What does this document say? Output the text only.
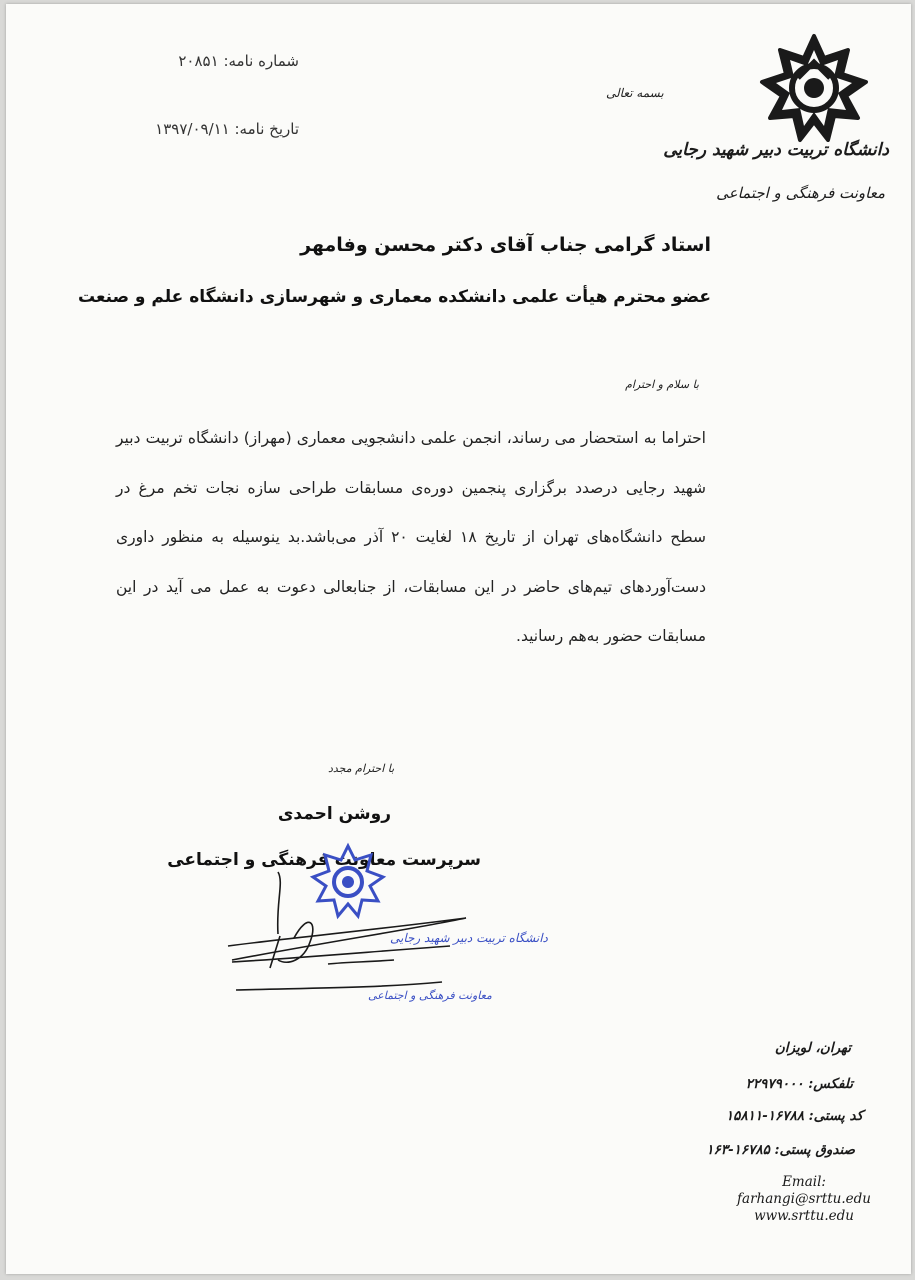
دانشگاه تربیت دبیر شهید رجایی
معاونت فرهنگی و اجتماعی
بسمه تعالی
شماره نامه: ۲۰۸۵۱
تاریخ نامه: ۱۳۹۷/۰۹/۱۱
استاد گرامی جناب آقای دکتر محسن وفامهر
عضو محترم هیأت علمی دانشکده معماری و شهرسازی دانشگاه علم و صنعت
با سلام و احترام
احتراما به استحضار می رساند، انجمن علمی دانشجویی معماری (مهراز) دانشگاه تربیت دبیر شهید رجایی درصدد برگزاری پنجمین دوره‌ی مسابقات طراحی سازه نجات تخم مرغ در سطح دانشگاه‌های تهران از تاریخ ۱۸ لغایت ۲۰ آذر می‌باشد.بد ینوسیله به منظور داوری دست‌آوردهای تیم‌های حاضر در این مسابقات، از جنابعالی دعوت به عمل می آید در این مسابقات حضور به‌هم رسانید.
با احترام مجدد
روشن احمدی
سرپرست معاونت فرهنگی و اجتماعی
دانشگاه تربیت دبیر شهید رجایی
معاونت فرهنگی و اجتماعی
تهران، لویزان
تلفکس: ۲۲۹۷۹۰۰۰
کد پستی: ۱۶۷۸۸-۱۵۸۱۱
صندوق پستی: ۱۶۷۸۵-۱۶۳
Email:
farhangi@srttu.edu
www.srttu.edu
